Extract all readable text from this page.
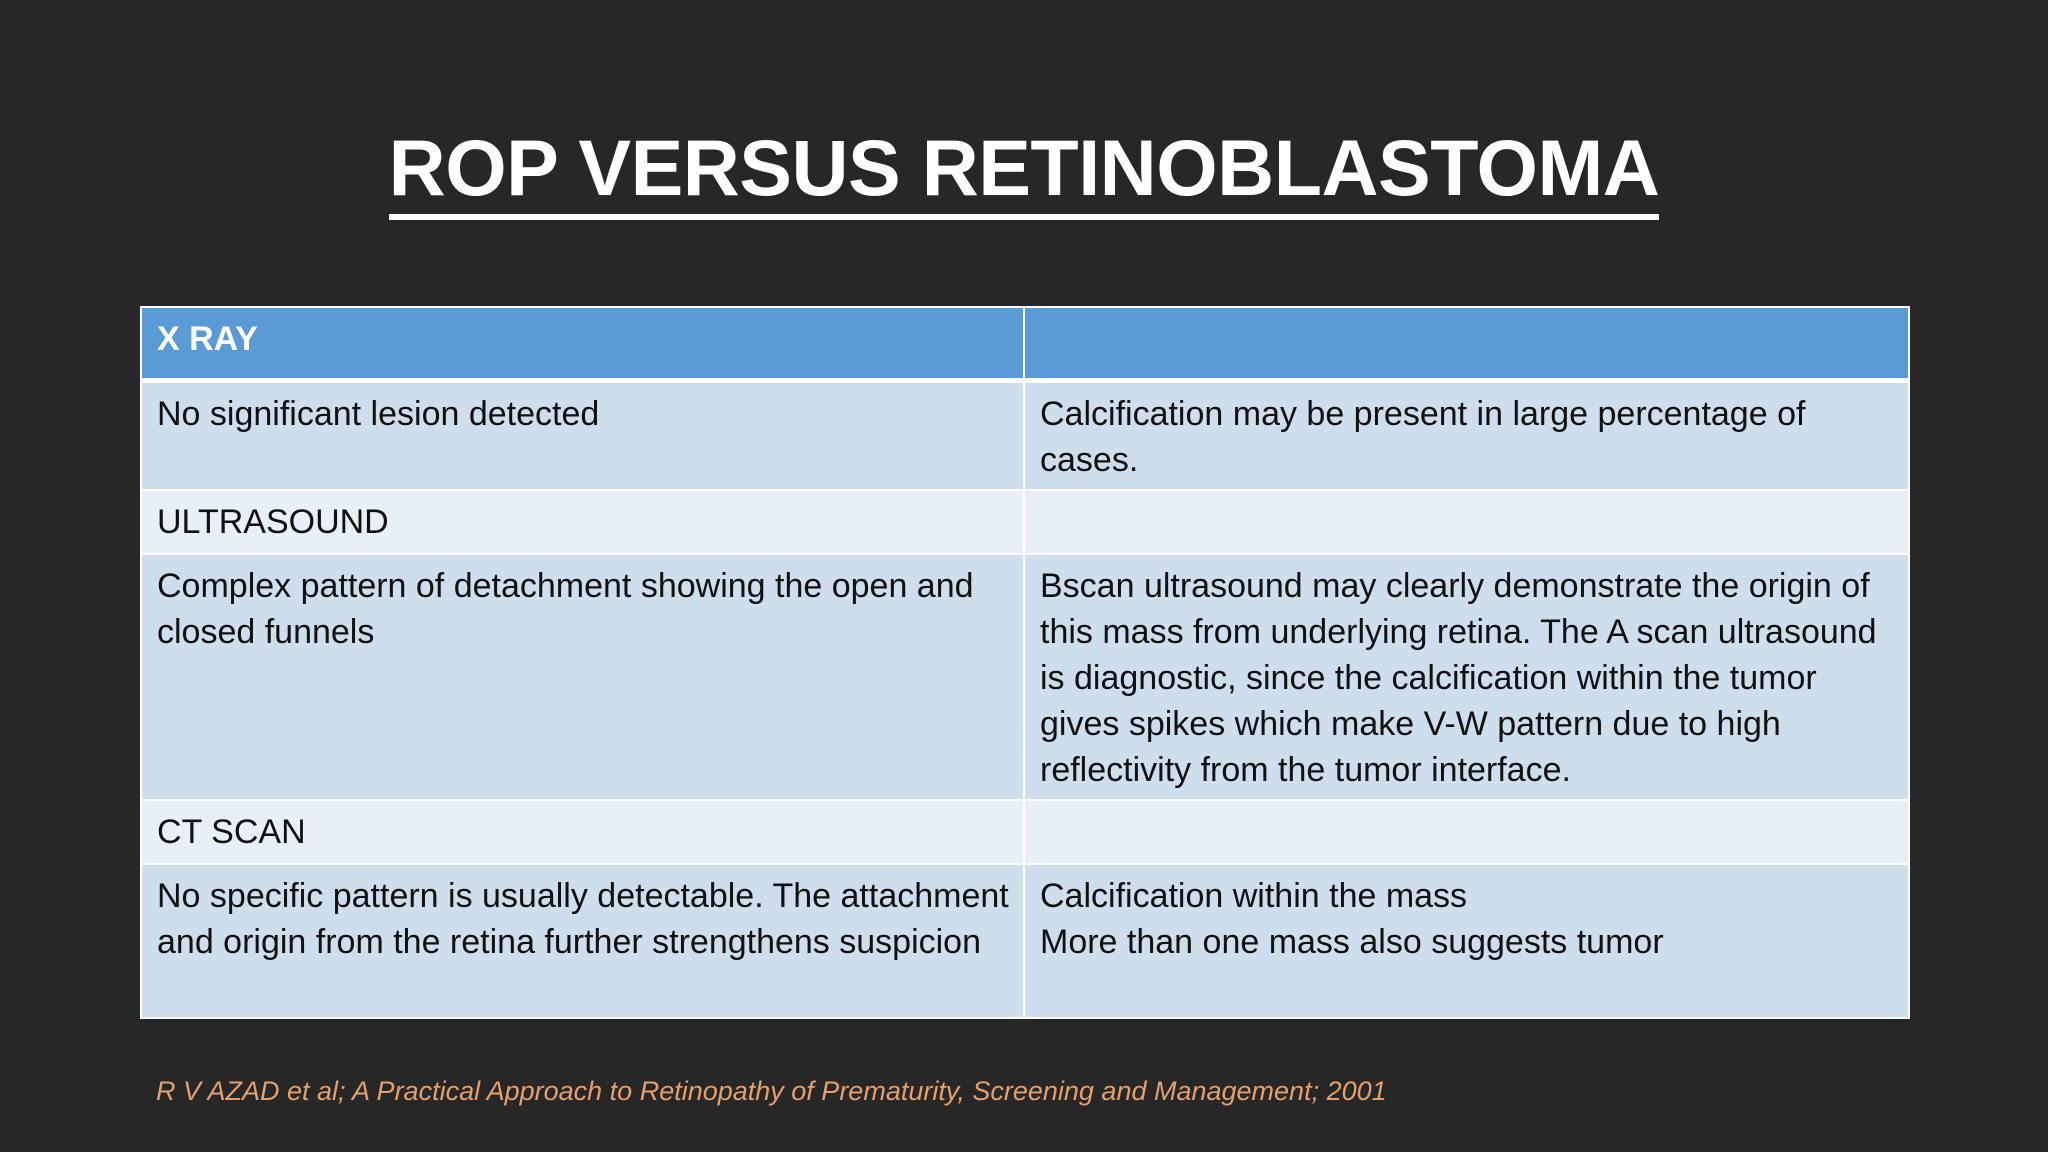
ROP VERSUS RETINOBLASTOMA
X RAY	

No significant lesion detected	Calcification may be present in large percentage of cases.

ULTRASOUND	

Complex pattern of detachment showing the open and closed funnels	Bscan ultrasound may clearly demonstrate the origin of this mass from underlying retina. The A scan ultrasound is diagnostic, since the calcification within the tumor gives spikes which make V-W pattern due to high reflectivity from the tumor interface.

CT SCAN	

No specific pattern is usually detectable. The attachment and origin from the retina further strengthens suspicion	Calcification within the mass
More than one mass also suggests tumor

R V AZAD et al; A Practical Approach to Retinopathy of Prematurity, Screening and Management; 2001
